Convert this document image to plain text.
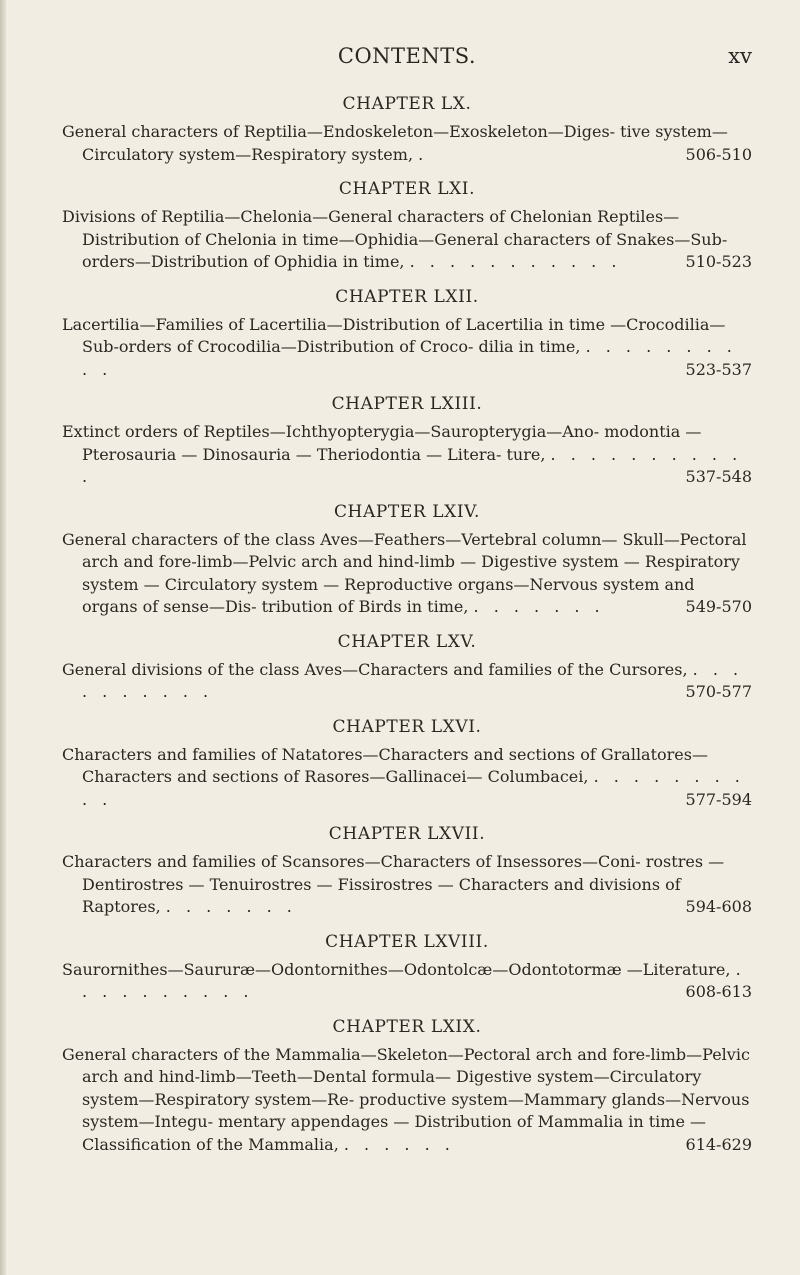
CONTENTS.	xv
CHAPTER LX.
General characters of Reptilia—Endoskeleton—Exoskeleton—Diges- tive system—Circulatory system—Respiratory system, .	506-510
CHAPTER LXI.
Divisions of Reptilia—Chelonia—General characters of Chelonian Reptiles—Distribution of Chelonia in time—Ophidia—General characters of Snakes—Sub-orders—Distribution of Ophidia in time, . . . . . . . . . . .	510-523
CHAPTER LXII.
Lacertilia—Families of Lacertilia—Distribution of Lacertilia in time —Crocodilia—Sub-orders of Crocodilia—Distribution of Croco- dilia in time, . . . . . . . . . .	523-537
CHAPTER LXIII.
Extinct orders of Reptiles—Ichthyopterygia—Sauropterygia—Ano- modontia — Pterosauria — Dinosauria — Theriodontia — Litera- ture, . . . . . . . . . . .	537-548
CHAPTER LXIV.
General characters of the class Aves—Feathers—Vertebral column— Skull—Pectoral arch and fore-limb—Pelvic arch and hind-limb — Digestive system — Respiratory system — Circulatory system — Reproductive organs—Nervous system and organs of sense—Dis- tribution of Birds in time, . . . . . . .	549-570
CHAPTER LXV.
General divisions of the class Aves—Characters and families of the Cursores, . . . . . . . . . .	570-577
CHAPTER LXVI.
Characters and families of Natatores—Characters and sections of Grallatores—Characters and sections of Rasores—Gallinacei— Columbacei, . . . . . . . . . .	577-594
CHAPTER LXVII.
Characters and families of Scansores—Characters of Insessores—Coni- rostres — Dentirostres — Tenuirostres — Fissirostres — Characters and divisions of Raptores, . . . . . . .	594-608
CHAPTER LXVIII.
Saurornithes—Saururæ—Odontornithes—Odontolcæ—Odontotormæ —Literature, . . . . . . . . . .	608-613
CHAPTER LXIX.
General characters of the Mammalia—Skeleton—Pectoral arch and fore-limb—Pelvic arch and hind-limb—Teeth—Dental formula— Digestive system—Circulatory system—Respiratory system—Re- productive system—Mammary glands—Nervous system—Integu- mentary appendages — Distribution of Mammalia in time — Classification of the Mammalia, . . . . . .	614-629
